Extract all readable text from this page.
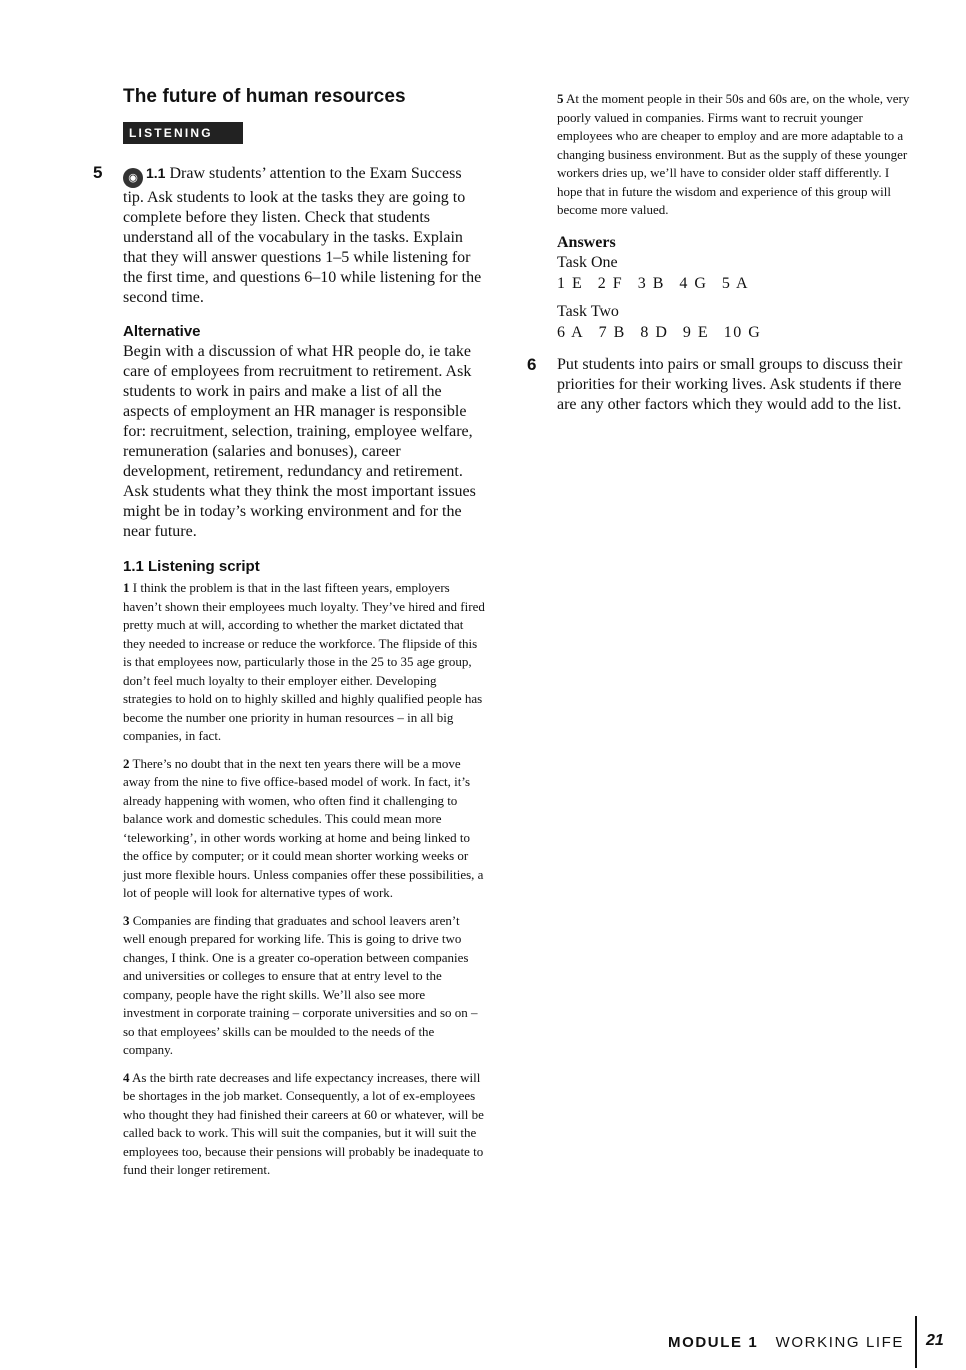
The future of human resources
LISTENING
5	◉ 1.1 Draw students’ attention to the Exam Success tip. Ask students to look at the tasks they are going to complete before they listen. Check that students understand all of the vocabulary in the tasks. Explain that they will answer questions 1–5 while listening for the first time, and questions 6–10 while listening for the second time.

Alternative

Begin with a discussion of what HR people do, ie take care of employees from recruitment to retirement. Ask students to work in pairs and make a list of all the aspects of employment an HR manager is responsible for: recruitment, selection, training, employee welfare, remuneration (salaries and bonuses), career development, retirement, redundancy and retirement. Ask students what they think the most important issues might be in today’s working environment and for the near future.

1.1 Listening script

1 I think the problem is that in the last fifteen years, employers haven’t shown their employees much loyalty. They’ve hired and fired pretty much at will, according to whether the market dictated that they needed to increase or reduce the workforce. The flipside of this is that employees now, particularly those in the 25 to 35 age group, don’t feel much loyalty to their employer either. Developing strategies to hold on to highly skilled and highly qualified people has become the number one priority in human resources – in all big companies, in fact.

2 There’s no doubt that in the next ten years there will be a move away from the nine to five office-based model of work. In fact, it’s already happening with women, who often find it challenging to balance work and domestic schedules. This could mean more ‘teleworking’, in other words working at home and being linked to the office by computer; or it could mean shorter working weeks or just more flexible hours. Unless companies offer these possibilities, a lot of people will look for alternative types of work.

3 Companies are finding that graduates and school leavers aren’t well enough prepared for working life. This is going to drive two changes, I think. One is a greater co-operation between companies and universities or colleges to ensure that at entry level to the company, people have the right skills. We’ll also see more investment in corporate training – corporate universities and so on – so that employees’ skills can be moulded to the needs of the company.

4 As the birth rate decreases and life expectancy increases, there will be shortages in the job market. Consequently, a lot of ex-employees who thought they had finished their careers at 60 or whatever, will be called back to work. This will suit the companies, but it will suit the employees too, because their pensions will probably be inadequate to fund their longer retirement.

5 At the moment people in their 50s and 60s are, on the whole, very poorly valued in companies. Firms want to recruit younger employees who are cheaper to employ and are more adaptable to a changing business environment. But as the supply of these younger workers dries up, we’ll have to consider older staff differently. I hope that in future the wisdom and experience of this group will become more valued.

Answers

Task One

1 E 2 F 3 B 4 G 5 A

Task Two

6 A 7 B 8 D 9 E 10 G

6 Put students into pairs or small groups to discuss their priorities for their working lives. Ask students if there are any other factors which they would add to the list.

MODULE 1 WORKING LIFE 21
